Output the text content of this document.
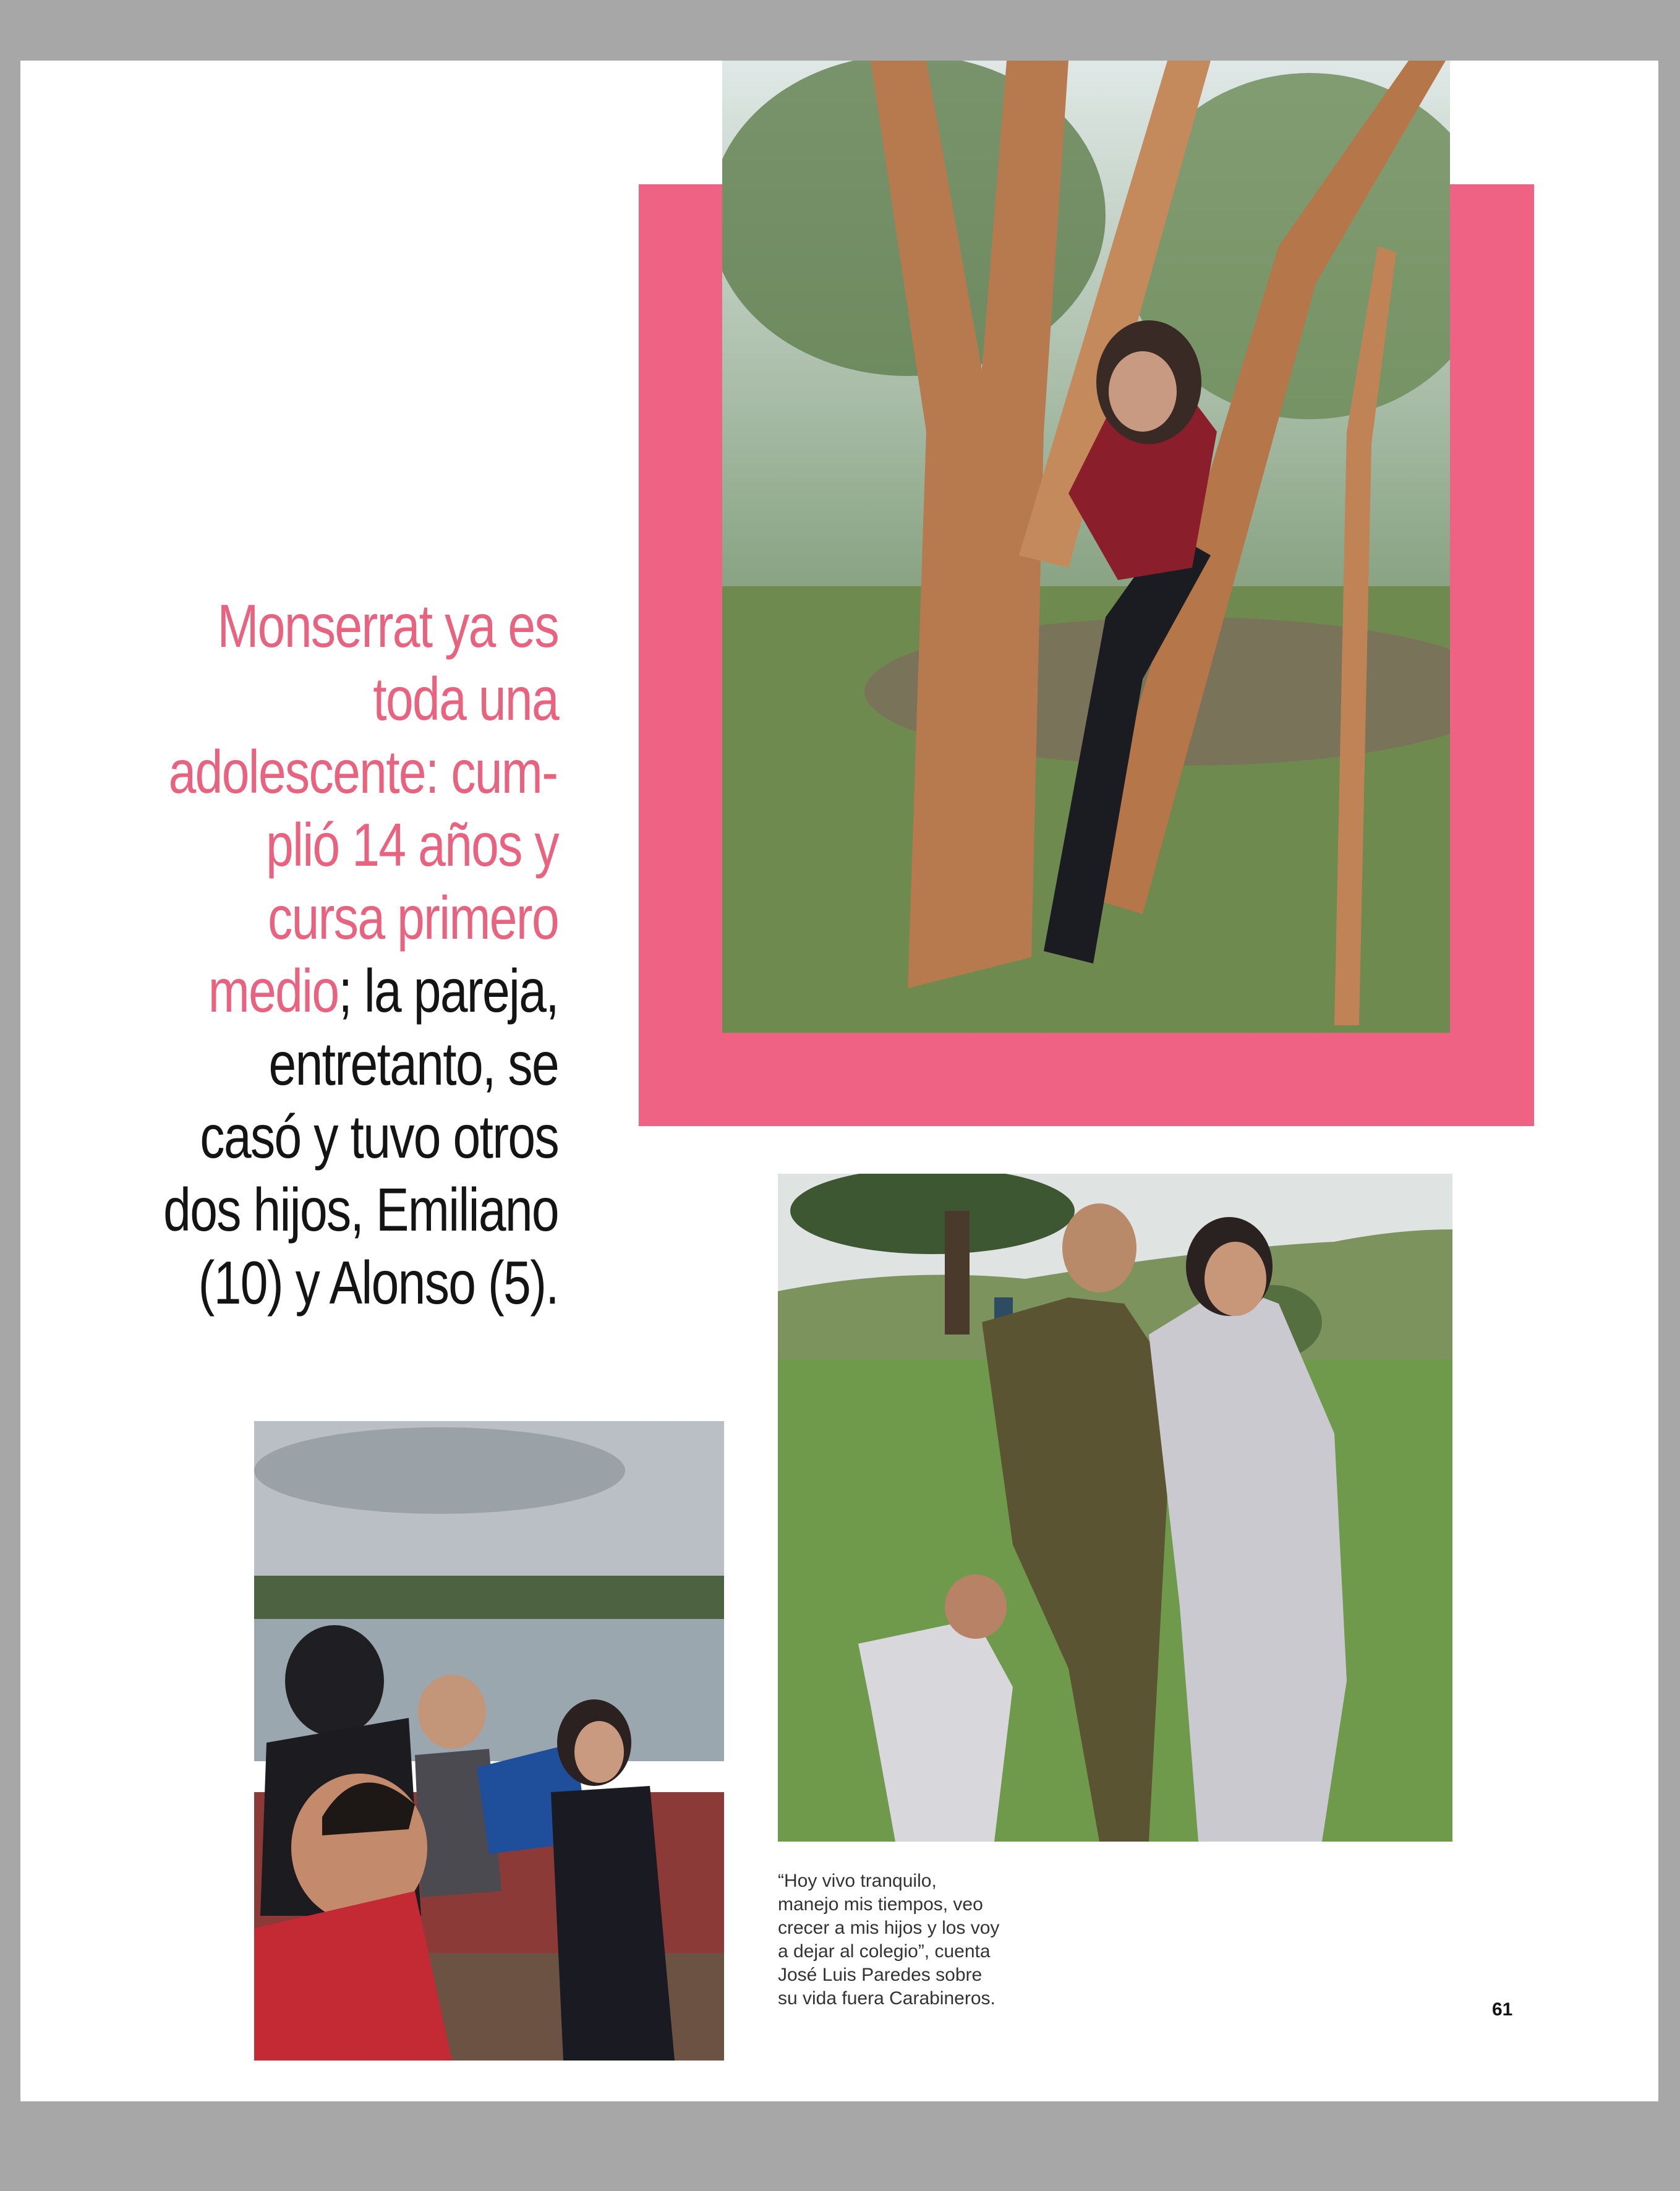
Monserrat ya es toda una adolescente: cumplió 14 años y cursa primero medio; la pareja, entretanto, se casó y tuvo otros dos hijos, Emiliano (10) y Alonso (5).
“Hoy vivo tranquilo,
manejo mis tiempos, veo
crecer a mis hijos y los voy
a dejar al colegio”, cuenta
José Luis Paredes sobre
su vida fuera Carabineros.
61
